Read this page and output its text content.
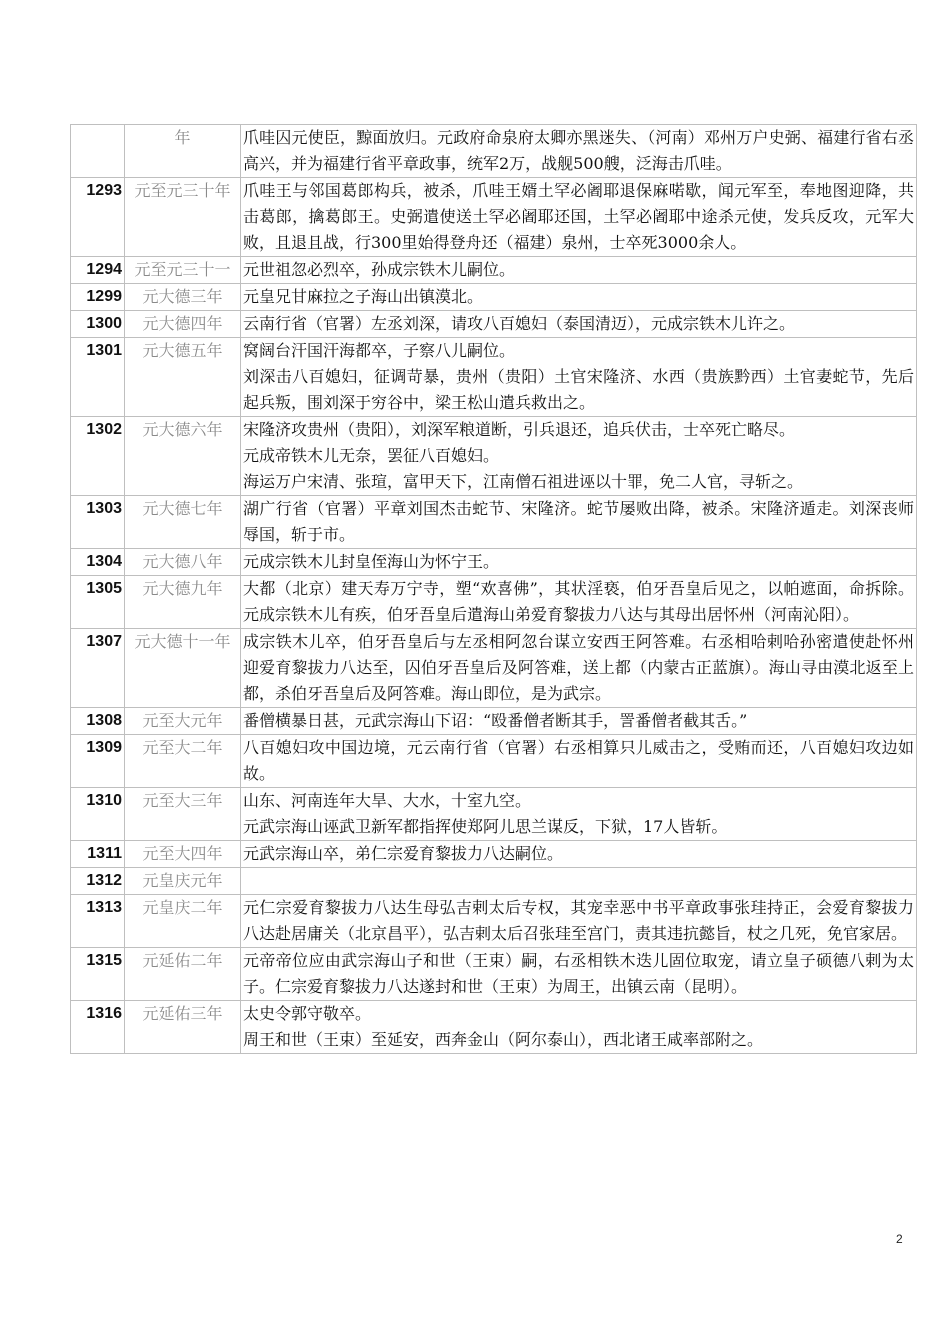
	年	爪哇囚元使臣，黥面放归。元政府命泉府太卿亦黑迷失、（河南）邓州万户史弼、福建行省右丞高兴，并为福建行省平章政事，统军2万，战舰500艘，泛海击爪哇。

1293	元至元三十年	爪哇王与邻国葛郎构兵，被杀，爪哇王婿土罕必阇耶退保麻喏歇，闻元军至，奉地图迎降，共击葛郎，擒葛郎王。史弼遣使送土罕必阇耶还国，土罕必阇耶中途杀元使，发兵反攻，元军大败，且退且战，行300里始得登舟还（福建）泉州，士卒死3000余人。

1294	元至元三十一	元世祖忽必烈卒，孙成宗铁木儿嗣位。

1299	元大德三年	元皇兄甘麻拉之子海山出镇漠北。

1300	元大德四年	云南行省（官署）左丞刘深，请攻八百媳妇（泰国清迈），元成宗铁木儿许之。

1301	元大德五年	窝阔台汗国汗海都卒，子察八儿嗣位。
刘深击八百媳妇，征调苛暴，贵州（贵阳）土官宋隆济、水西（贵族黔西）土官妻蛇节，先后起兵叛，围刘深于穷谷中，梁王松山遣兵救出之。

1302	元大德六年	宋隆济攻贵州（贵阳），刘深军粮道断，引兵退还，追兵伏击，士卒死亡略尽。
元成帝铁木儿无奈，罢征八百媳妇。
海运万户宋清、张瑄，富甲天下，江南僧石祖进诬以十罪，免二人官，寻斩之。

1303	元大德七年	湖广行省（官署）平章刘国杰击蛇节、宋隆济。蛇节屡败出降，被杀。宋隆济遁走。刘深丧师辱国，斩于市。

1304	元大德八年	元成宗铁木儿封皇侄海山为怀宁王。

1305	元大德九年	大都（北京）建天寿万宁寺，塑“欢喜佛”，其状淫亵，伯牙吾皇后见之，以帕遮面，命拆除。元成宗铁木儿有疾，伯牙吾皇后遣海山弟爱育黎拔力八达与其母出居怀州（河南沁阳）。

1307	元大德十一年	成宗铁木儿卒，伯牙吾皇后与左丞相阿忽台谋立安西王阿答难。右丞相哈剌哈孙密遣使赴怀州迎爱育黎拔力八达至，囚伯牙吾皇后及阿答难，送上都（内蒙古正蓝旗）。海山寻由漠北返至上都，杀伯牙吾皇后及阿答难。海山即位，是为武宗。

1308	元至大元年	番僧横暴日甚，元武宗海山下诏：“殴番僧者断其手，詈番僧者截其舌。”

1309	元至大二年	八百媳妇攻中国边境，元云南行省（官署）右丞相算只儿威击之，受贿而还，八百媳妇攻边如故。

1310	元至大三年	山东、河南连年大旱、大水，十室九空。
元武宗海山诬武卫新军都指挥使郑阿儿思兰谋反，下狱，17人皆斩。

1311	元至大四年	元武宗海山卒，弟仁宗爱育黎拔力八达嗣位。

1312	元皇庆元年	

1313	元皇庆二年	元仁宗爱育黎拔力八达生母弘吉剌太后专权，其宠幸恶中书平章政事张珪持正，会爱育黎拔力八达赴居庸关（北京昌平），弘吉剌太后召张珪至宫门，责其违抗懿旨，杖之几死，免官家居。

1315	元延佑二年	元帝帝位应由武宗海山子和世（王束）嗣，右丞相铁木迭儿固位取宠，请立皇子硕德八剌为太子。仁宗爱育黎拔力八达遂封和世（王束）为周王，出镇云南（昆明）。

1316	元延佑三年	太史令郭守敬卒。
周王和世（王束）至延安，西奔金山（阿尔泰山），西北诸王咸率部附之。
2
